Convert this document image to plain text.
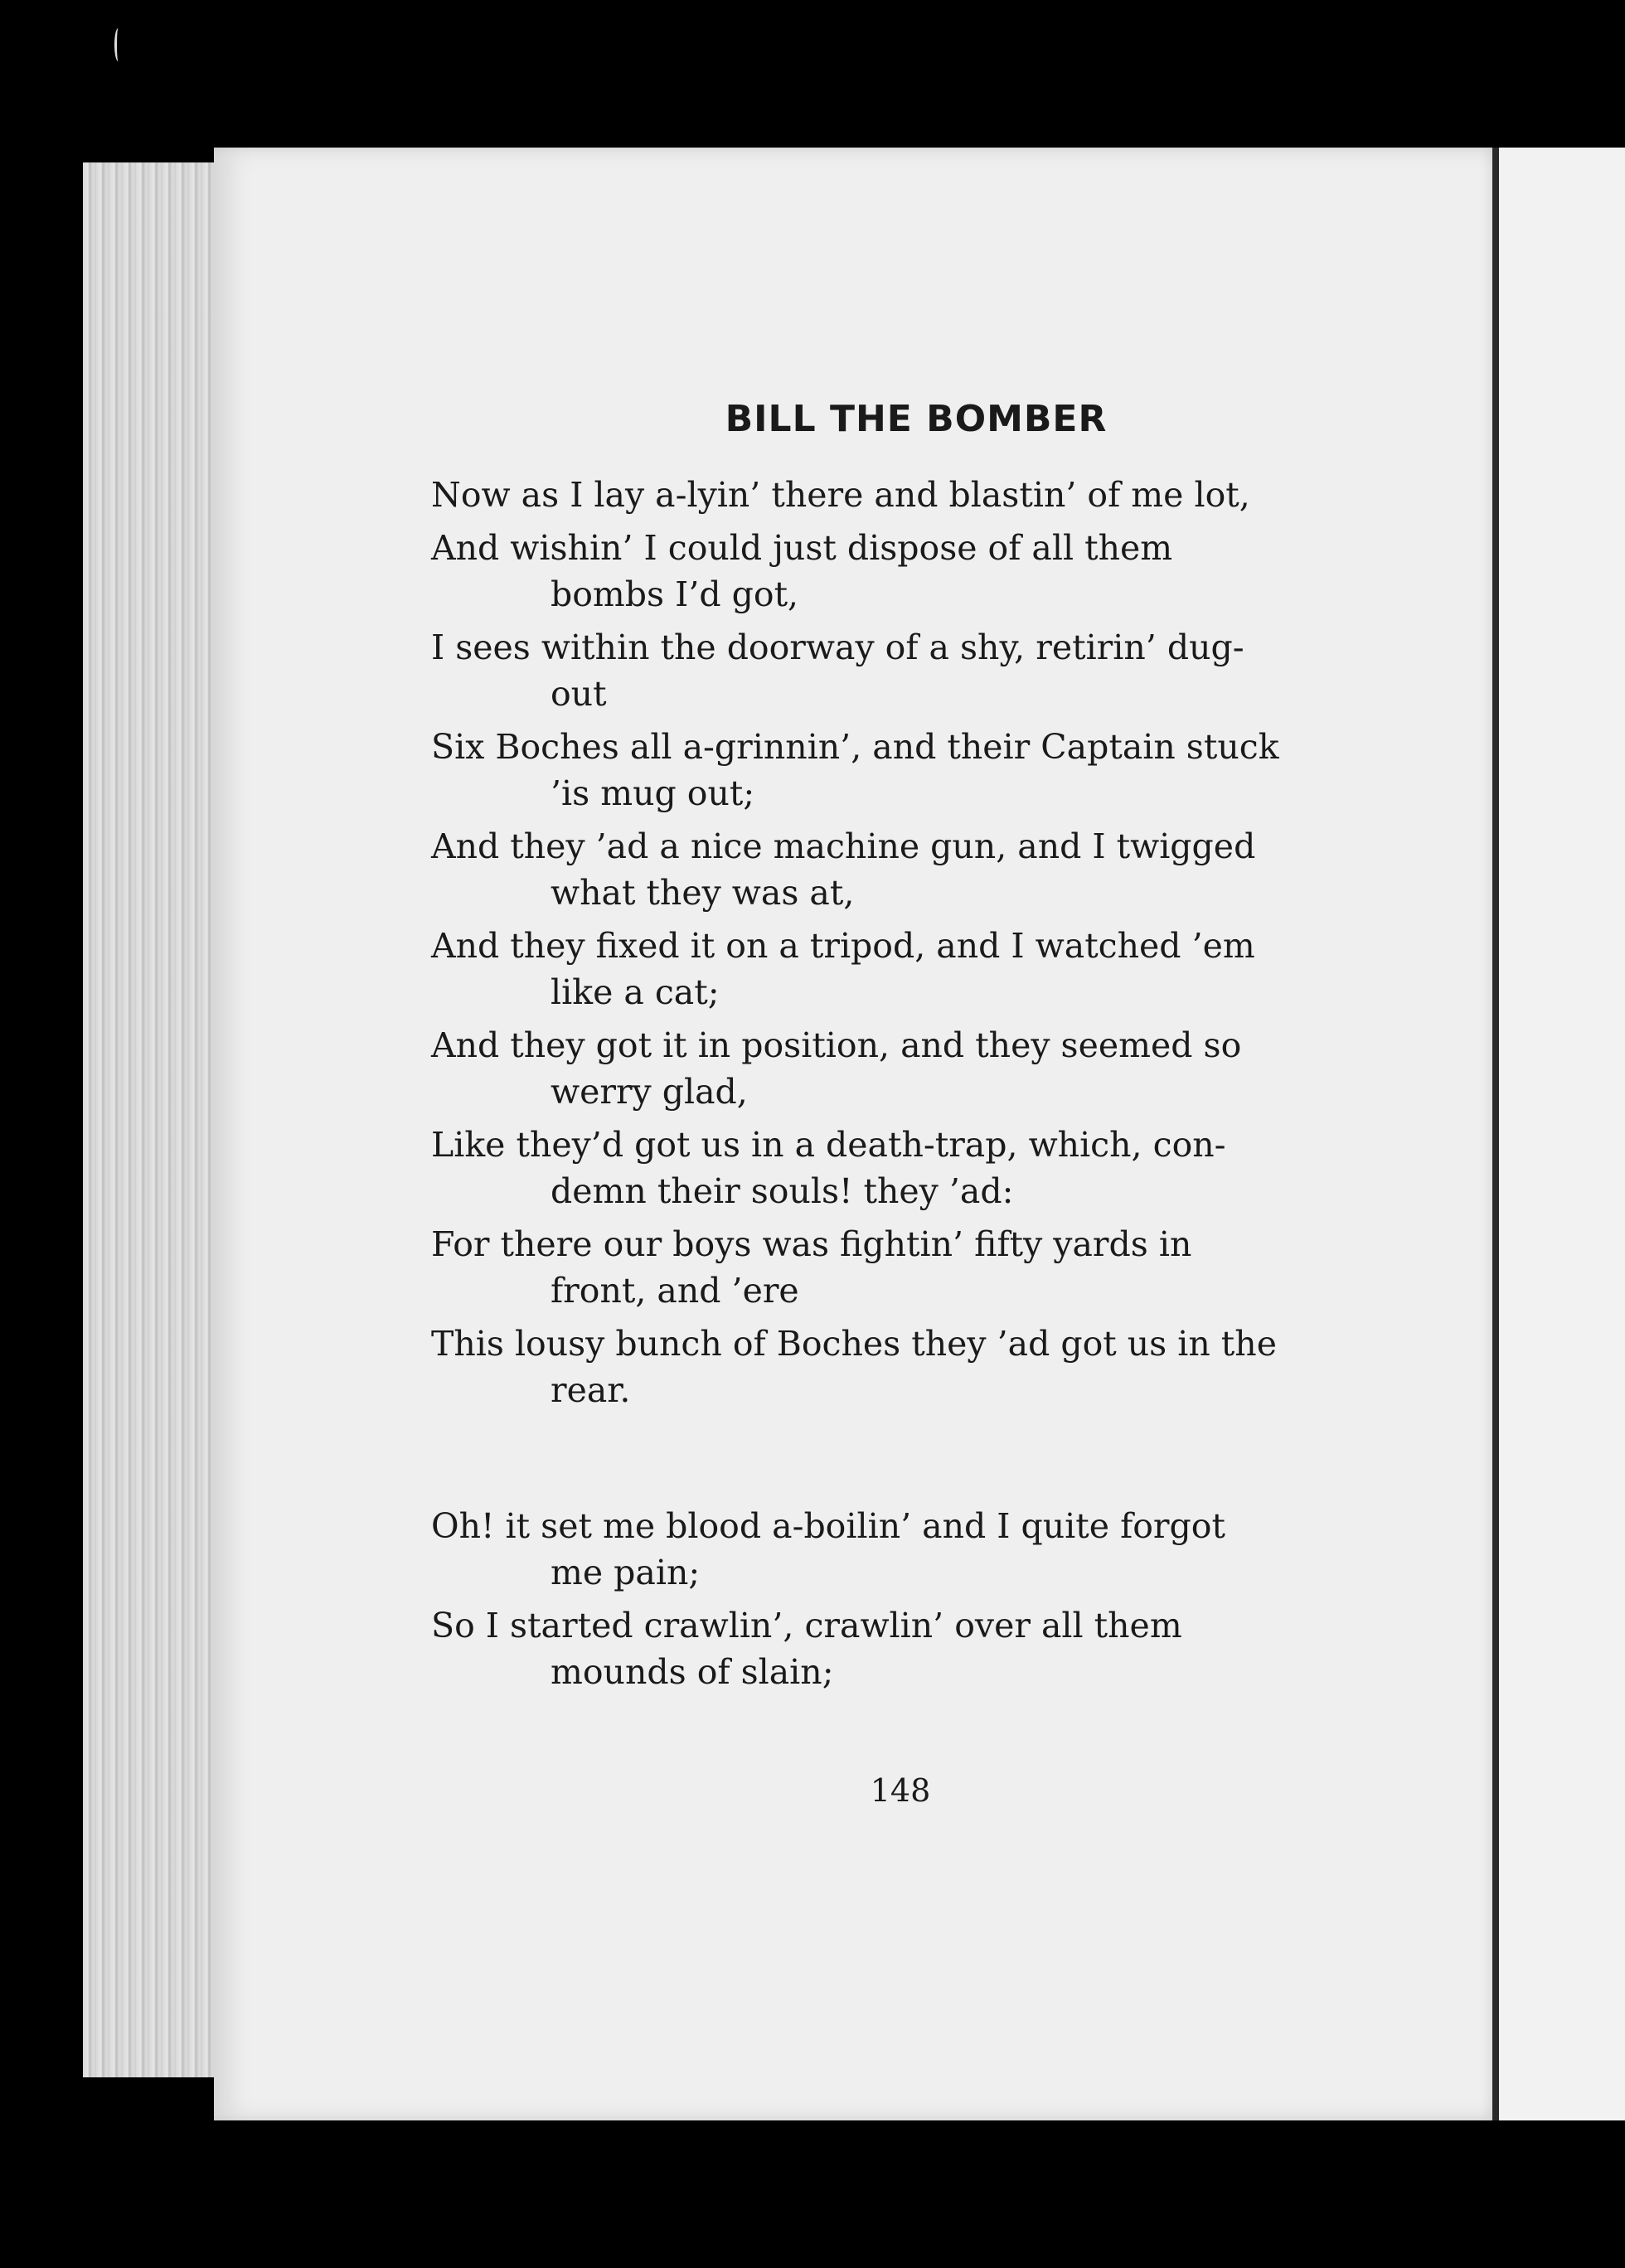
BILL THE BOMBER
Now as I lay a-lyin’ there and blastin’ of me lot,
And wishin’ I could just dispose of all them
bombs I’d got,
I sees within the doorway of a shy, retirin’ dug-
out
Six Boches all a-grinnin’, and their Captain stuck
’is mug out;
And they ’ad a nice machine gun, and I twigged
what they was at,
And they fixed it on a tripod, and I watched ’em
like a cat;
And they got it in position, and they seemed so
werry glad,
Like they’d got us in a death-trap, which, con-
demn their souls! they ’ad:
For there our boys was fightin’ fifty yards in
front, and ’ere
This lousy bunch of Boches they ’ad got us in the
rear.
Oh! it set me blood a-boilin’ and I quite forgot
me pain;
So I started crawlin’, crawlin’ over all them
mounds of slain;
148
